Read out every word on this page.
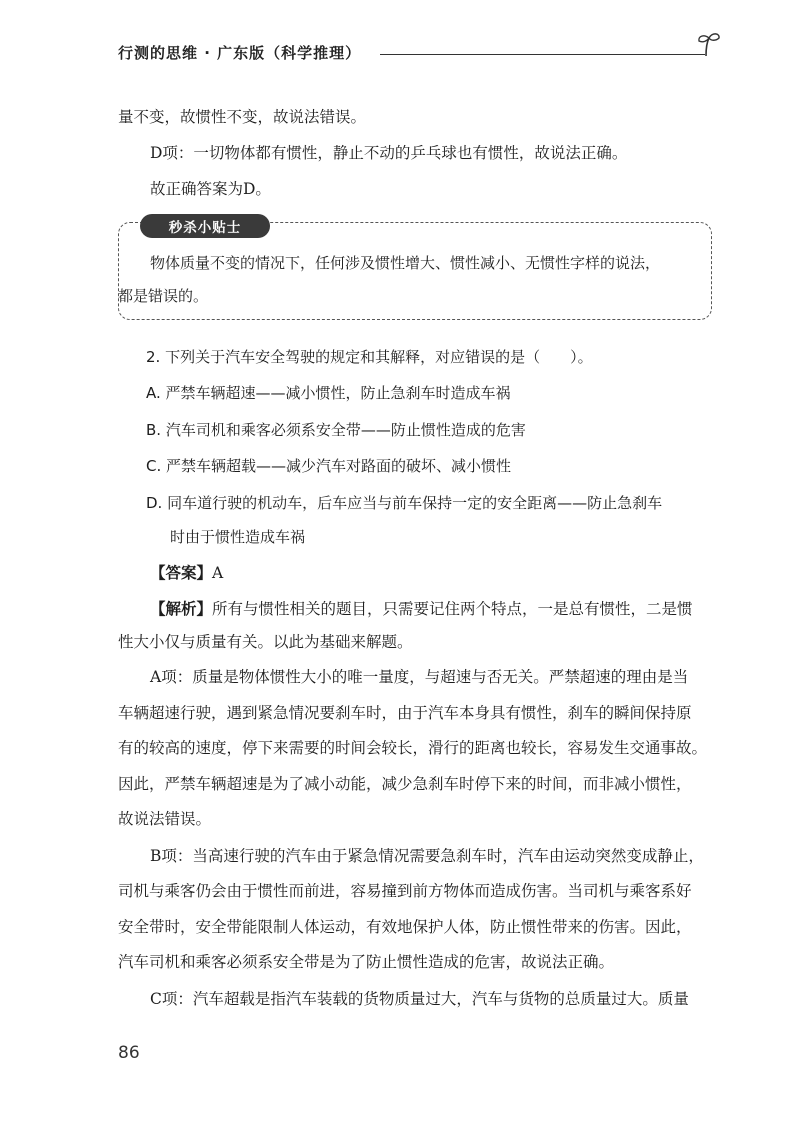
行测的思维 · 广东版（科学推理）
量不变，故惯性不变，故说法错误。
D项：一切物体都有惯性，静止不动的乒乓球也有惯性，故说法正确。
故正确答案为D。
秒杀小贴士
物体质量不变的情况下，任何涉及惯性增大、惯性减小、无惯性字样的说法，
都是错误的。
2. 下列关于汽车安全驾驶的规定和其解释，对应错误的是（　　）。
A. 严禁车辆超速——减小惯性，防止急刹车时造成车祸
B. 汽车司机和乘客必须系安全带——防止惯性造成的危害
C. 严禁车辆超载——减少汽车对路面的破坏、减小惯性
D. 同车道行驶的机动车，后车应当与前车保持一定的安全距离——防止急刹车
时由于惯性造成车祸
【答案】A
【解析】所有与惯性相关的题目，只需要记住两个特点，一是总有惯性，二是惯
性大小仅与质量有关。以此为基础来解题。
A项：质量是物体惯性大小的唯一量度，与超速与否无关。严禁超速的理由是当
车辆超速行驶，遇到紧急情况要刹车时，由于汽车本身具有惯性，刹车的瞬间保持原
有的较高的速度，停下来需要的时间会较长，滑行的距离也较长，容易发生交通事故。
因此，严禁车辆超速是为了减小动能，减少急刹车时停下来的时间，而非减小惯性，
故说法错误。
B项：当高速行驶的汽车由于紧急情况需要急刹车时，汽车由运动突然变成静止，
司机与乘客仍会由于惯性而前进，容易撞到前方物体而造成伤害。当司机与乘客系好
安全带时，安全带能限制人体运动，有效地保护人体，防止惯性带来的伤害。因此，
汽车司机和乘客必须系安全带是为了防止惯性造成的危害，故说法正确。
C项：汽车超载是指汽车装载的货物质量过大，汽车与货物的总质量过大。质量
86
